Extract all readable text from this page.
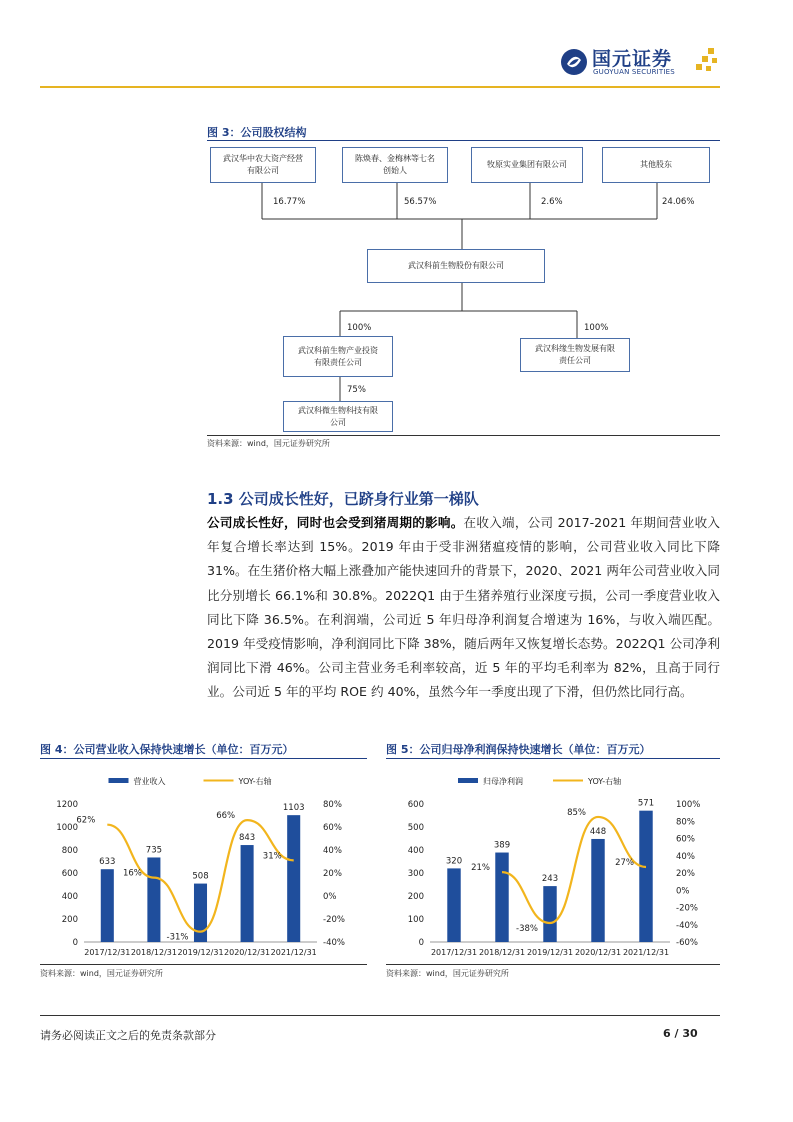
国元证券
GUOYUAN SECURITIES
图 3：公司股权结构
武汉华中农大资产经营
有限公司
陈焕春、金梅林等七名
创始人
牧原实业集团有限公司	其他股东
16.77%	56.57%	2.6%	24.06%
武汉科前生物股份有限公司
100%	100%
武汉科前生物产业投资
有限责任公司
武汉科缘生物发展有限
责任公司
75%
武汉科微生物科技有限
公司
资料来源：wind，国元证券研究所
1.3 公司成长性好，已跻身行业第一梯队
公司成长性好，同时也会受到猪周期的影响。在收入端，公司 2017-2021 年期间营业收入年复合增长率达到 15%。2019 年由于受非洲猪瘟疫情的影响，公司营业收入同比下降 31%。在生猪价格大幅上涨叠加产能快速回升的背景下，2020、2021 两年公司营业收入同比分别增长 66.1%和 30.8%。2022Q1 由于生猪养殖行业深度亏损，公司一季度营业收入同比下降 36.5%。在利润端，公司近 5 年归母净利润复合增速为 16%，与收入端匹配。2019 年受疫情影响，净利润同比下降 38%，随后两年又恢复增长态势。2022Q1 公司净利润同比下滑 46%。公司主营业务毛利率较高，近 5 年的平均毛利率为 82%，且高于同行业。公司近 5 年的平均 ROE 约 40%，虽然今年一季度出现了下滑，但仍然比同行高。
图 4：公司营业收入保持快速增长（单位：百万元）	图 5：公司归母净利润保持快速增长（单位：百万元）
营业收入	YOY-右轴
0
200
400
600
800
1000
1200
-40%
-20%
0%
20%
40%
60%
80%
633
2017/12/31
735
2018/12/31
508
2019/12/31
843
2020/12/31
1103
2021/12/31
62%
16%
-31%
66%
31%
归母净利润	YOY-右轴
0
100
200
300
400
500
600
-60%
-40%
-20%
0%
20%
40%
60%
80%
100%
320
2017/12/31
389
2018/12/31
243
2019/12/31
448
2020/12/31
571
2021/12/31
21%
-38%
85%
27%
资料来源：wind，国元证券研究所	资料来源：wind，国元证券研究所
请务必阅读正文之后的免责条款部分	6 / 30
